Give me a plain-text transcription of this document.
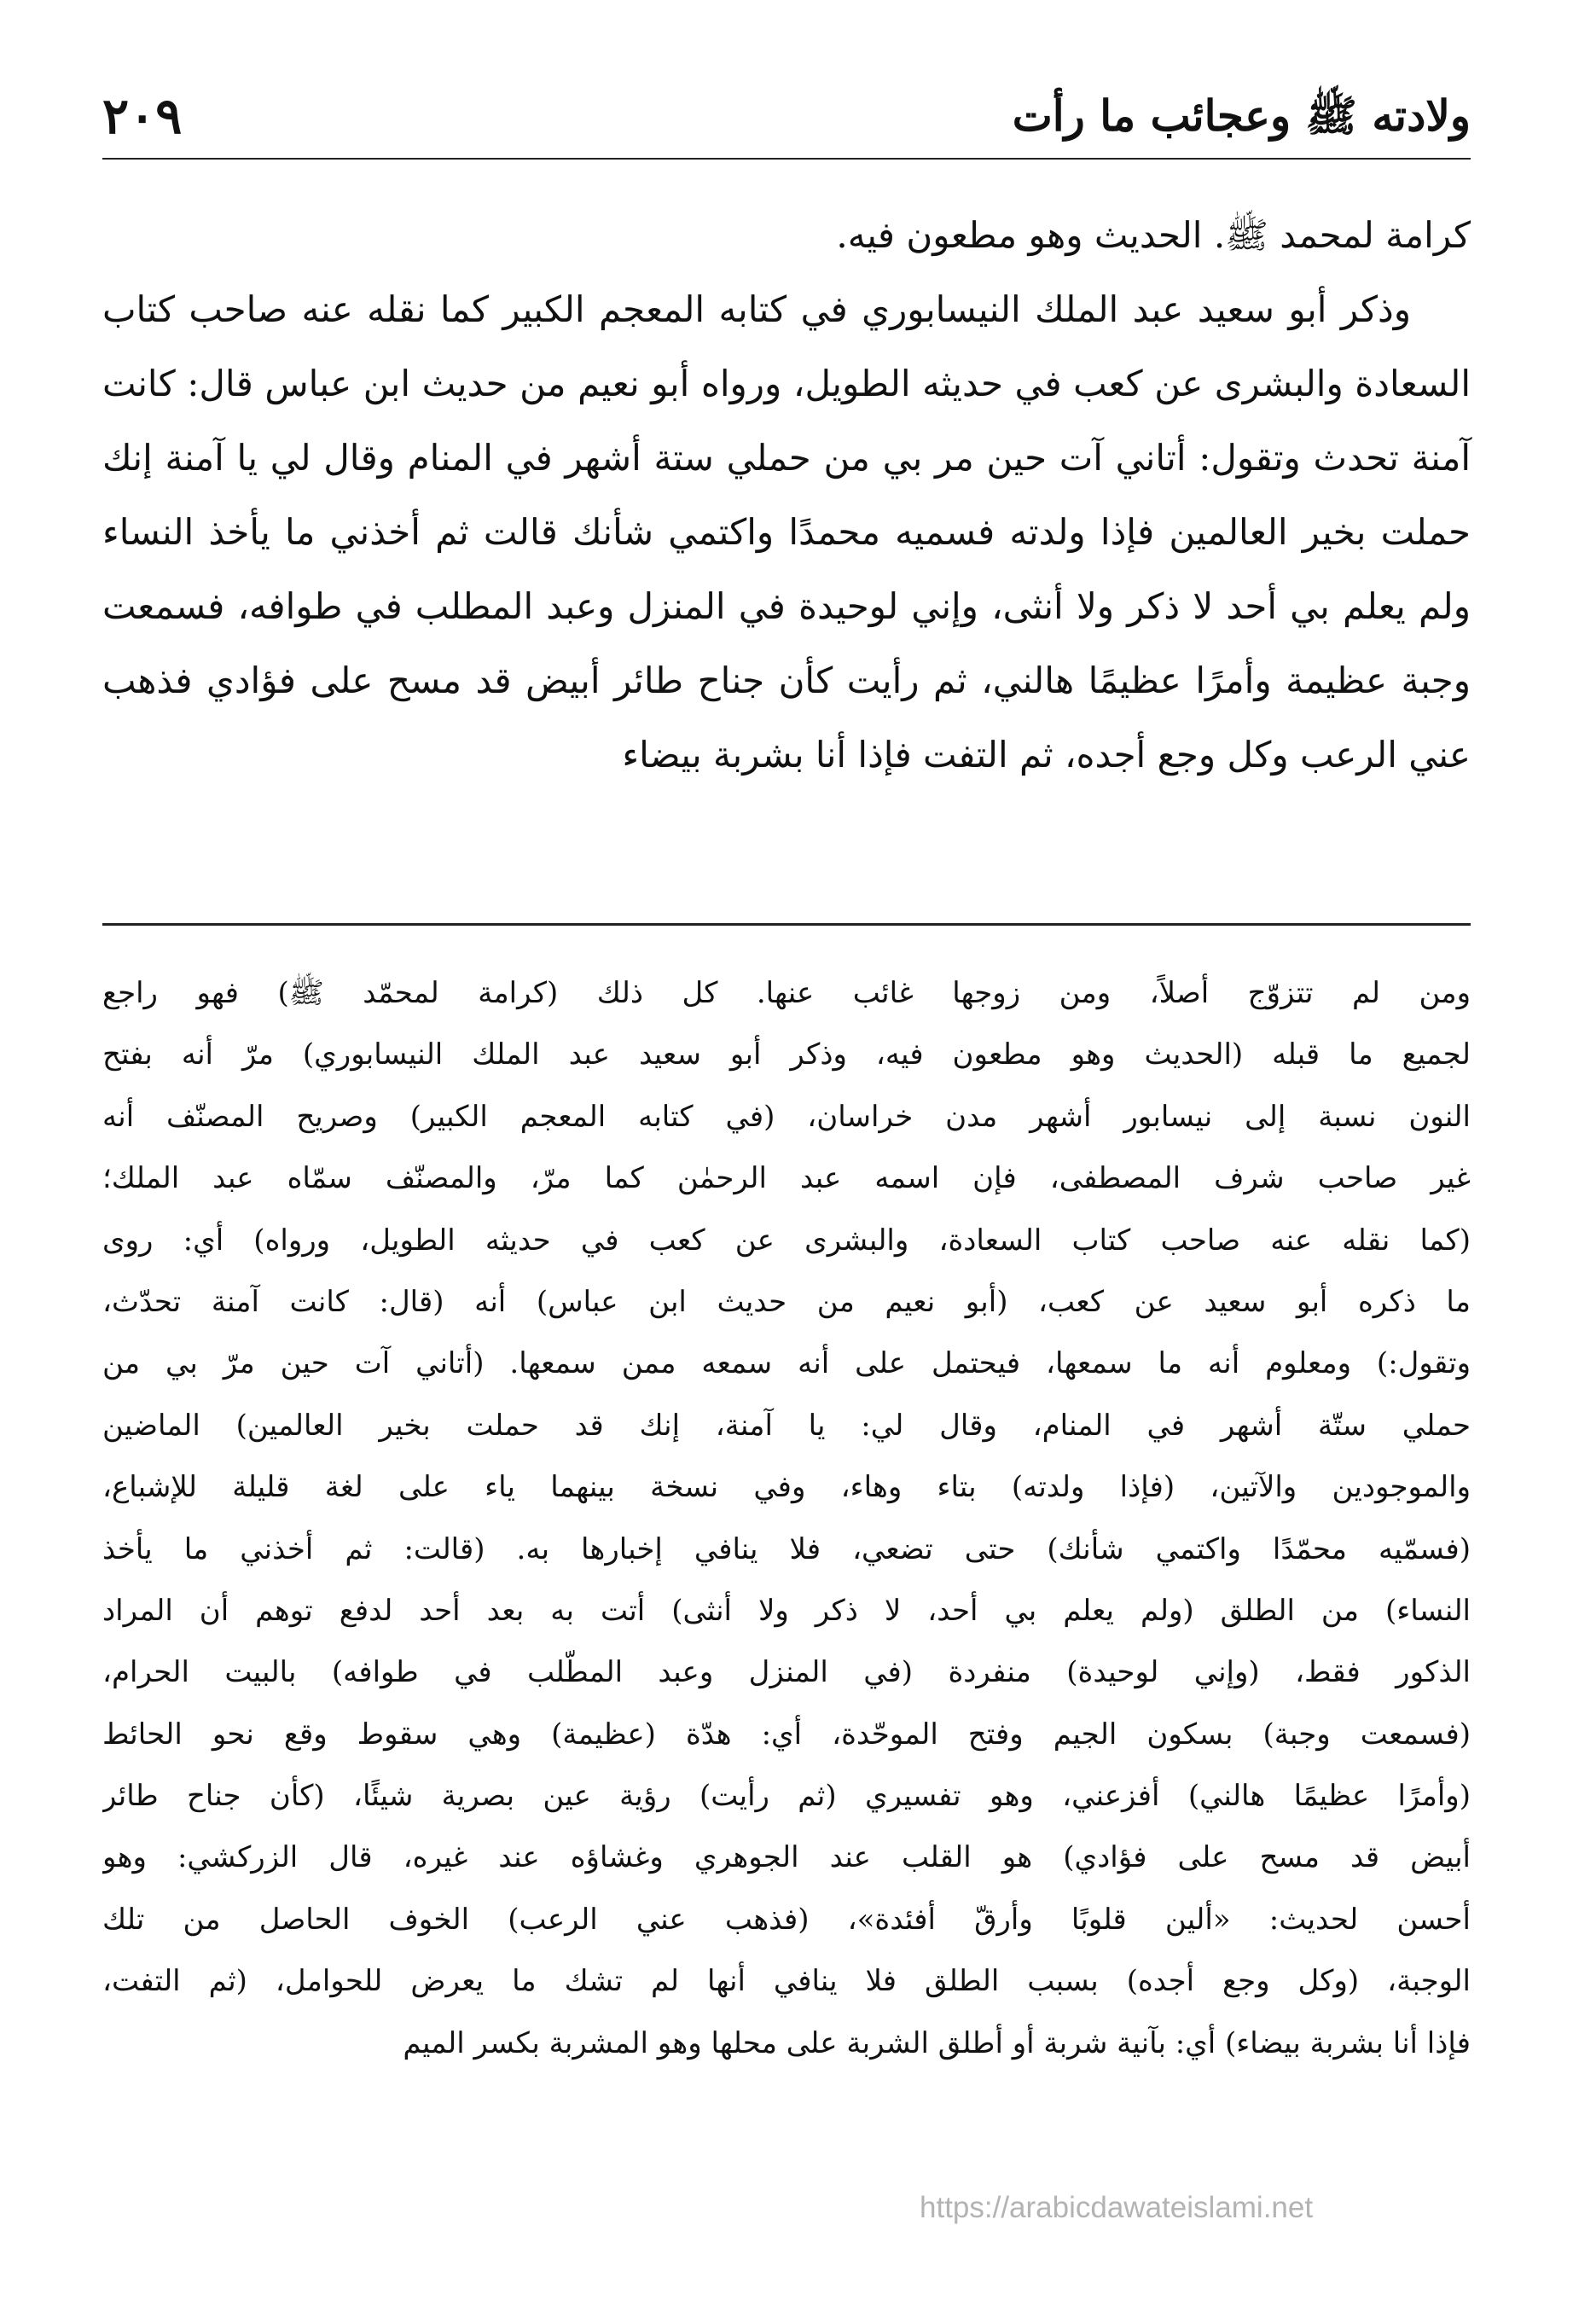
٢٠٩	ولادته ﷺ وعجائب ما رأت

كرامة لمحمد ﷺ. الحديث وهو مطعون فيه.

وذكر أبو سعيد عبد الملك النيسابوري في كتابه المعجم الكبير كما نقله عنه صاحب كتاب السعادة والبشرى عن كعب في حديثه الطويل، ورواه أبو نعيم من حديث ابن عباس قال: كانت آمنة تحدث وتقول: أتاني آت حين مر بي من حملي ستة أشهر في المنام وقال لي يا آمنة إنك حملت بخير العالمين فإذا ولدته فسميه محمدًا واكتمي شأنك قالت ثم أخذني ما يأخذ النساء ولم يعلم بي أحد لا ذكر ولا أنثى، وإني لوحيدة في المنزل وعبد المطلب في طوافه، فسمعت وجبة عظيمة وأمرًا عظيمًا هالني، ثم رأيت كأن جناح طائر أبيض قد مسح على فؤادي فذهب عني الرعب وكل وجع أجده، ثم التفت فإذا أنا بشربة بيضاء

ومن لم تتزوّج أصلاً، ومن زوجها غائب عنها. كل ذلك (كرامة لمحمّد ﷺ) فهو راجع
لجميع ما قبله (الحديث وهو مطعون فيه، وذكر أبو سعيد عبد الملك النيسابوري) مرّ أنه بفتح
النون نسبة إلى نيسابور أشهر مدن خراسان، (في كتابه المعجم الكبير) وصريح المصنّف أنه
غير صاحب شرف المصطفى، فإن اسمه عبد الرحمٰن كما مرّ، والمصنّف سمّاه عبد الملك؛
(كما نقله عنه صاحب كتاب السعادة، والبشرى عن كعب في حديثه الطويل، ورواه) أي: روى
ما ذكره أبو سعيد عن كعب، (أبو نعيم من حديث ابن عباس) أنه (قال: كانت آمنة تحدّث،
وتقول:) ومعلوم أنه ما سمعها، فيحتمل على أنه سمعه ممن سمعها. (أتاني آت حين مرّ بي من
حملي ستّة أشهر في المنام، وقال لي: يا آمنة، إنك قد حملت بخير العالمين) الماضين
والموجودين والآتين، (فإذا ولدته) بتاء وهاء، وفي نسخة بينهما ياء على لغة قليلة للإشباع،
(فسمّيه محمّدًا واكتمي شأنك) حتى تضعي، فلا ينافي إخبارها به. (قالت: ثم أخذني ما يأخذ
النساء) من الطلق (ولم يعلم بي أحد، لا ذكر ولا أنثى) أتت به بعد أحد لدفع توهم أن المراد
الذكور فقط، (وإني لوحيدة) منفردة (في المنزل وعبد المطّلب في طوافه) بالبيت الحرام،
(فسمعت وجبة) بسكون الجيم وفتح الموحّدة، أي: هدّة (عظيمة) وهي سقوط وقع نحو الحائط
(وأمرًا عظيمًا هالني) أفزعني، وهو تفسيري (ثم رأيت) رؤية عين بصرية شيئًا، (كأن جناح طائر
أبيض قد مسح على فؤادي) هو القلب عند الجوهري وغشاؤه عند غيره، قال الزركشي: وهو
أحسن لحديث: «ألين قلوبًا وأرقّ أفئدة»، (فذهب عني الرعب) الخوف الحاصل من تلك
الوجبة، (وكل وجع أجده) بسبب الطلق فلا ينافي أنها لم تشك ما يعرض للحوامل، (ثم التفت،
فإذا أنا بشربة بيضاء) أي: بآنية شربة أو أطلق الشربة على محلها وهو المشربة بكسر الميم
https://arabicdawateislami.net
